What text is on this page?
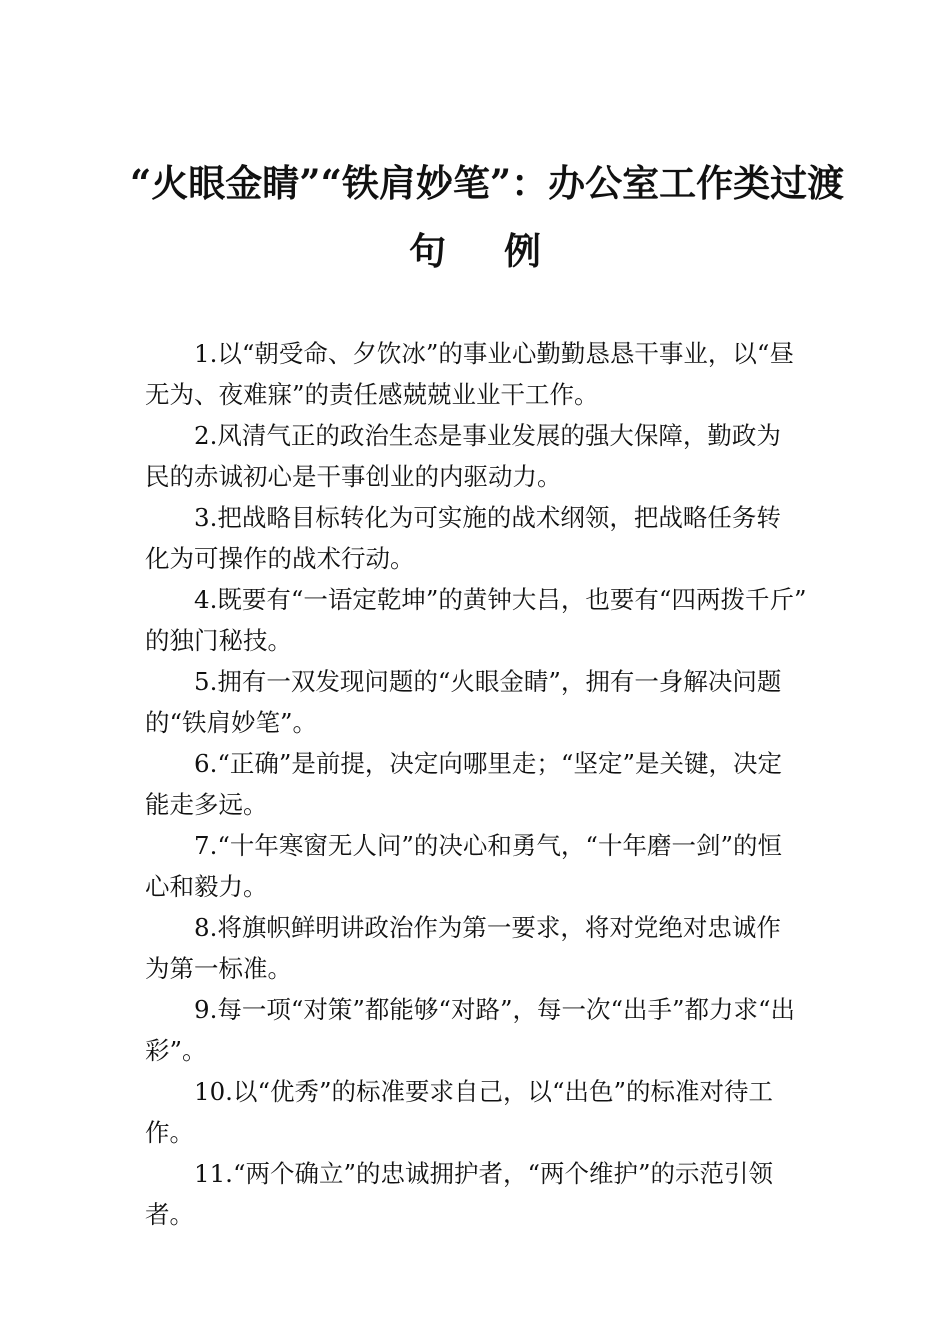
“火眼金睛”“铁肩妙笔”：办公室工作类过渡
句 例

1.以“朝受命、夕饮冰”的事业心勤勤恳恳干事业，以“昼
无为、夜难寐”的责任感兢兢业业干工作。

2.风清气正的政治生态是事业发展的强大保障，勤政为
民的赤诚初心是干事创业的内驱动力。

3.把战略目标转化为可实施的战术纲领，把战略任务转
化为可操作的战术行动。

4.既要有“一语定乾坤”的黄钟大吕，也要有“四两拨千斤”
的独门秘技。

5.拥有一双发现问题的“火眼金睛”，拥有一身解决问题
的“铁肩妙笔”。

6.“正确”是前提，决定向哪里走；“坚定”是关键，决定
能走多远。

7.“十年寒窗无人问”的决心和勇气，“十年磨一剑”的恒
心和毅力。

8.将旗帜鲜明讲政治作为第一要求，将对党绝对忠诚作
为第一标准。

9.每一项“对策”都能够“对路”，每一次“出手”都力求“出
彩”。

10.以“优秀”的标准要求自己，以“出色”的标准对待工作。

11.“两个确立”的忠诚拥护者，“两个维护”的示范引领者。
